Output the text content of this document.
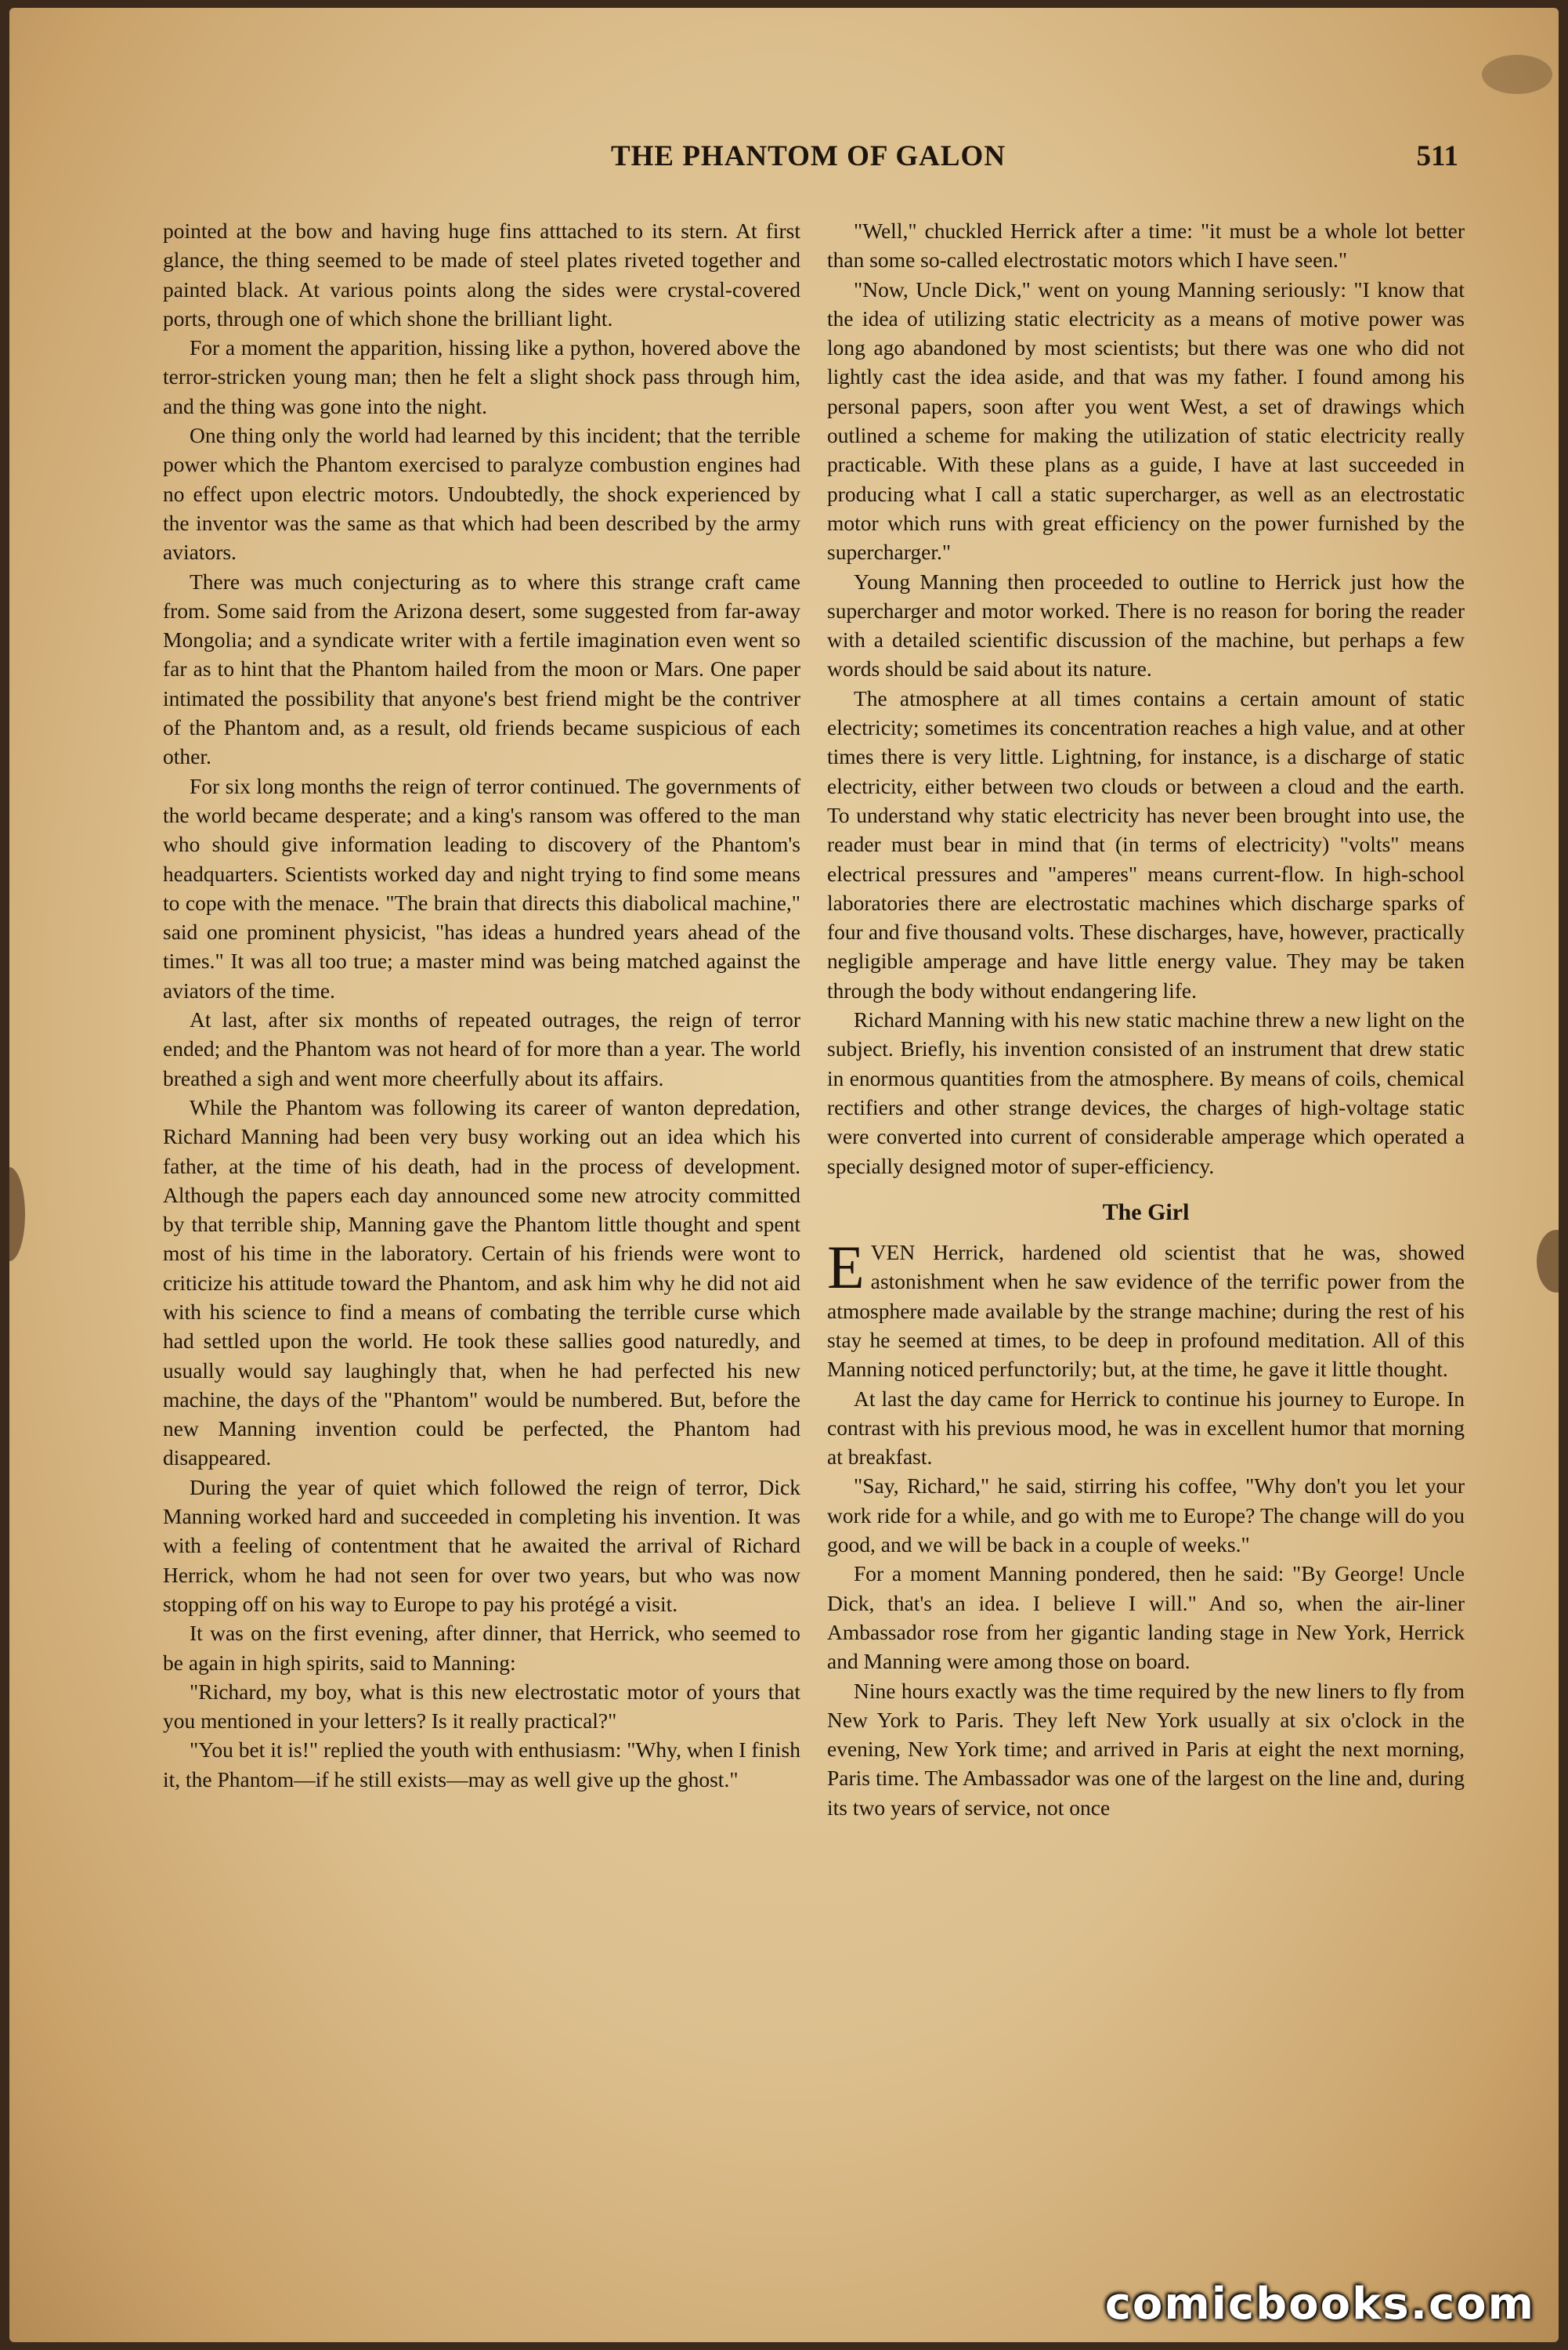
THE PHANTOM OF GALON	511

pointed at the bow and having huge fins atttached to its stern. At first glance, the thing seemed to be made of steel plates riveted together and painted black. At various points along the sides were crystal-covered ports, through one of which shone the brilliant light.

For a moment the apparition, hissing like a python, hovered above the terror-stricken young man; then he felt a slight shock pass through him, and the thing was gone into the night.

One thing only the world had learned by this incident; that the terrible power which the Phantom exercised to paralyze combustion engines had no effect upon electric motors. Undoubtedly, the shock experienced by the inventor was the same as that which had been described by the army aviators.

There was much conjecturing as to where this strange craft came from. Some said from the Arizona desert, some suggested from far-away Mongolia; and a syndicate writer with a fertile imagination even went so far as to hint that the Phantom hailed from the moon or Mars. One paper intimated the possibility that anyone's best friend might be the contriver of the Phantom and, as a result, old friends became suspicious of each other.

For six long months the reign of terror continued. The governments of the world became desperate; and a king's ransom was offered to the man who should give information leading to discovery of the Phantom's headquarters. Scientists worked day and night trying to find some means to cope with the menace. "The brain that directs this diabolical machine," said one prominent physicist, "has ideas a hundred years ahead of the times." It was all too true; a master mind was being matched against the aviators of the time.

At last, after six months of repeated outrages, the reign of terror ended; and the Phantom was not heard of for more than a year. The world breathed a sigh and went more cheerfully about its affairs.

While the Phantom was following its career of wanton depredation, Richard Manning had been very busy working out an idea which his father, at the time of his death, had in the process of development. Although the papers each day announced some new atrocity committed by that terrible ship, Manning gave the Phantom little thought and spent most of his time in the laboratory. Certain of his friends were wont to criticize his attitude toward the Phantom, and ask him why he did not aid with his science to find a means of combating the terrible curse which had settled upon the world. He took these sallies good naturedly, and usually would say laughingly that, when he had perfected his new machine, the days of the "Phantom" would be numbered. But, before the new Manning invention could be perfected, the Phantom had disappeared.

During the year of quiet which followed the reign of terror, Dick Manning worked hard and succeeded in completing his invention. It was with a feeling of contentment that he awaited the arrival of Richard Herrick, whom he had not seen for over two years, but who was now stopping off on his way to Europe to pay his protégé a visit.

It was on the first evening, after dinner, that Herrick, who seemed to be again in high spirits, said to Manning:

"Richard, my boy, what is this new electrostatic motor of yours that you mentioned in your letters? Is it really practical?"

"You bet it is!" replied the youth with enthusiasm: "Why, when I finish it, the Phantom—if he still exists—may as well give up the ghost."

"Well," chuckled Herrick after a time: "it must be a whole lot better than some so-called electrostatic motors which I have seen."

"Now, Uncle Dick," went on young Manning seriously: "I know that the idea of utilizing static electricity as a means of motive power was long ago abandoned by most scientists; but there was one who did not lightly cast the idea aside, and that was my father. I found among his personal papers, soon after you went West, a set of drawings which outlined a scheme for making the utilization of static electricity really practicable. With these plans as a guide, I have at last succeeded in producing what I call a static supercharger, as well as an electrostatic motor which runs with great efficiency on the power furnished by the supercharger."

Young Manning then proceeded to outline to Herrick just how the supercharger and motor worked. There is no reason for boring the reader with a detailed scientific discussion of the machine, but perhaps a few words should be said about its nature.

The atmosphere at all times contains a certain amount of static electricity; sometimes its concentration reaches a high value, and at other times there is very little. Lightning, for instance, is a discharge of static electricity, either between two clouds or between a cloud and the earth. To understand why static electricity has never been brought into use, the reader must bear in mind that (in terms of electricity) "volts" means electrical pressures and "amperes" means current-flow. In high-school laboratories there are electrostatic machines which discharge sparks of four and five thousand volts. These discharges, have, however, practically negligible amperage and have little energy value. They may be taken through the body without endangering life.

Richard Manning with his new static machine threw a new light on the subject. Briefly, his invention consisted of an instrument that drew static in enormous quantities from the atmosphere. By means of coils, chemical rectifiers and other strange devices, the charges of high-voltage static were converted into current of considerable amperage which operated a specially designed motor of super-efficiency.

The Girl

EVEN Herrick, hardened old scientist that he was, showed astonishment when he saw evidence of the terrific power from the atmosphere made available by the strange machine; during the rest of his stay he seemed at times, to be deep in profound meditation. All of this Manning noticed perfunctorily; but, at the time, he gave it little thought.

At last the day came for Herrick to continue his journey to Europe. In contrast with his previous mood, he was in excellent humor that morning at breakfast.

"Say, Richard," he said, stirring his coffee, "Why don't you let your work ride for a while, and go with me to Europe? The change will do you good, and we will be back in a couple of weeks."

For a moment Manning pondered, then he said: "By George! Uncle Dick, that's an idea. I believe I will." And so, when the air-liner Ambassador rose from her gigantic landing stage in New York, Herrick and Manning were among those on board.

Nine hours exactly was the time required by the new liners to fly from New York to Paris. They left New York usually at six o'clock in the evening, New York time; and arrived in Paris at eight the next morning, Paris time. The Ambassador was one of the largest on the line and, during its two years of service, not once

comicbooks.com
